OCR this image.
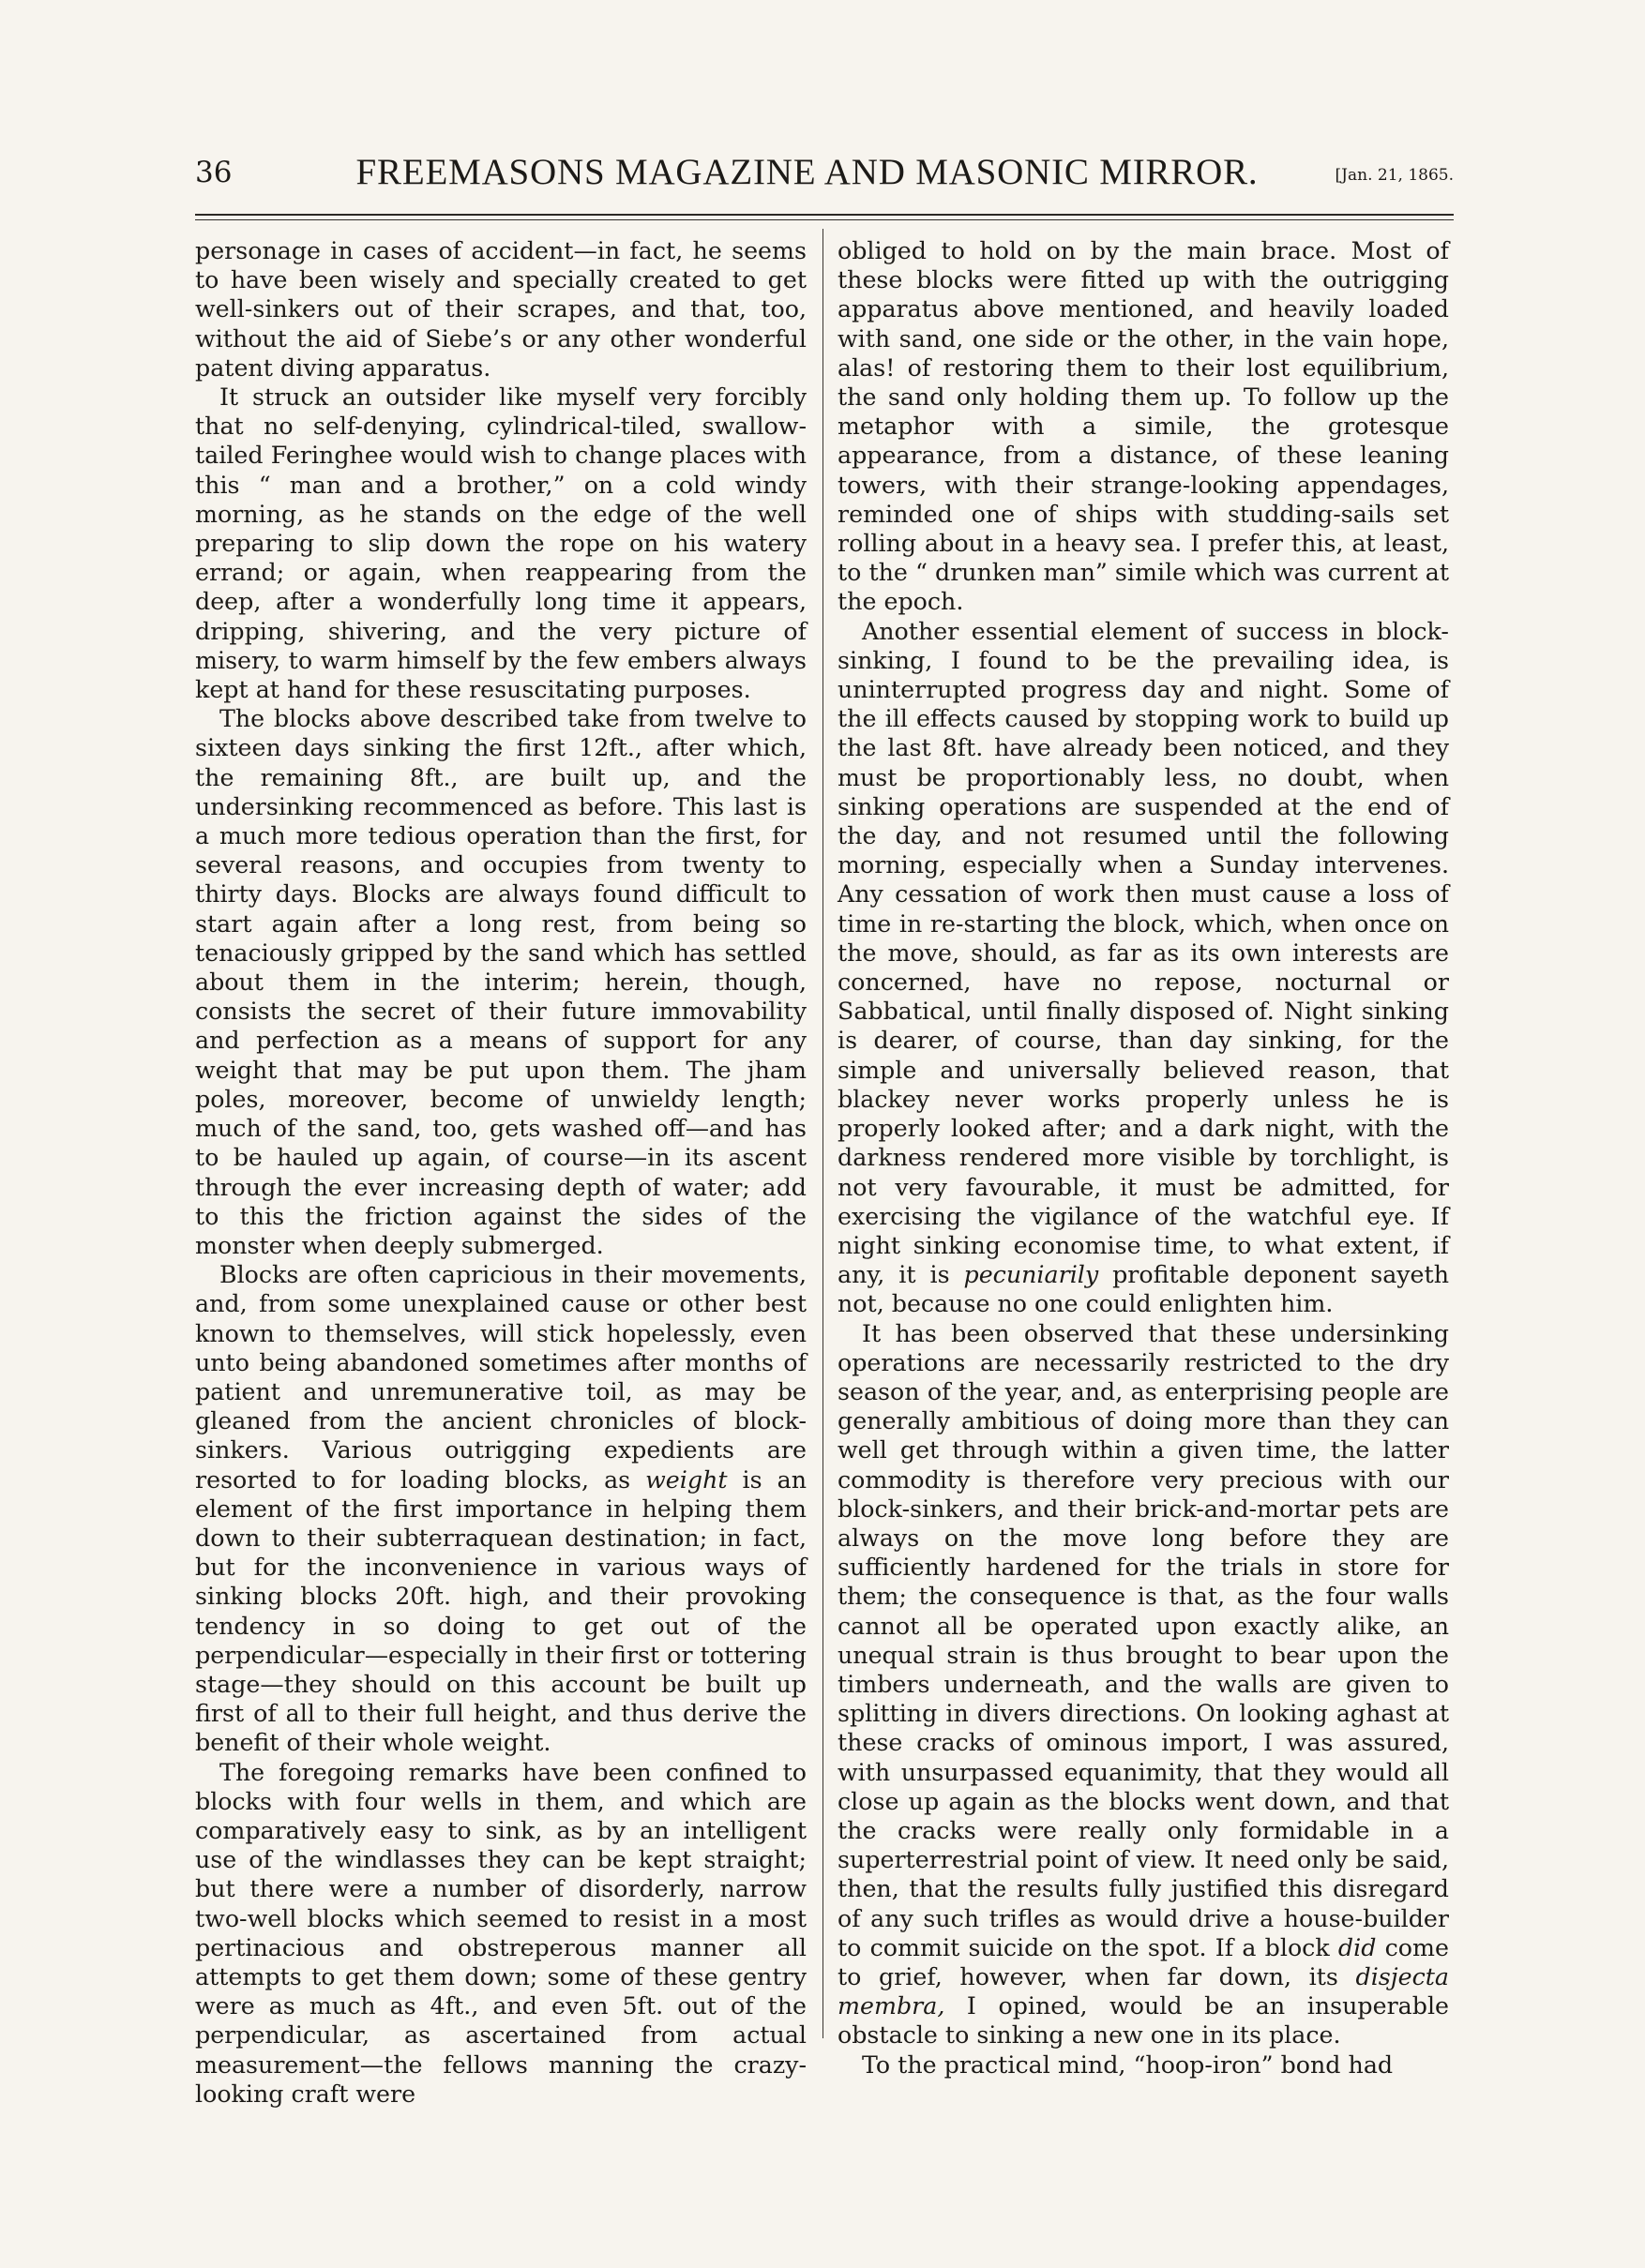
36	FREEMASONS MAGAZINE AND MASONIC MIRROR.	[Jan. 21, 1865.

personage in cases of accident—in fact, he seems to have been wisely and specially created to get well-sinkers out of their scrapes, and that, too, without the aid of Siebe’s or any other wonderful patent diving apparatus.

It struck an outsider like myself very forcibly that no self-denying, cylindrical-tiled, swallow-tailed Feringhee would wish to change places with this “ man and a brother,” on a cold windy morning, as he stands on the edge of the well preparing to slip down the rope on his watery errand; or again, when reappearing from the deep, after a wonderfully long time it appears, dripping, shivering, and the very picture of misery, to warm himself by the few embers always kept at hand for these resuscitating purposes.

The blocks above described take from twelve to sixteen days sinking the first 12ft., after which, the remaining 8ft., are built up, and the undersinking recommenced as before. This last is a much more tedious operation than the first, for several reasons, and occupies from twenty to thirty days. Blocks are always found difficult to start again after a long rest, from being so tenaciously gripped by the sand which has settled about them in the interim; herein, though, consists the secret of their future immovability and perfection as a means of support for any weight that may be put upon them. The jham poles, moreover, become of unwieldy length; much of the sand, too, gets washed off—and has to be hauled up again, of course—in its ascent through the ever increasing depth of water; add to this the friction against the sides of the monster when deeply submerged.

Blocks are often capricious in their movements, and, from some unexplained cause or other best known to themselves, will stick hopelessly, even unto being abandoned sometimes after months of patient and unremunerative toil, as may be gleaned from the ancient chronicles of block-sinkers. Various outrigging expedients are resorted to for loading blocks, as weight is an element of the first importance in helping them down to their subterraquean destination; in fact, but for the inconvenience in various ways of sinking blocks 20ft. high, and their provoking tendency in so doing to get out of the perpendicular—especially in their first or tottering stage—they should on this account be built up first of all to their full height, and thus derive the benefit of their whole weight.

The foregoing remarks have been confined to blocks with four wells in them, and which are comparatively easy to sink, as by an intelligent use of the windlasses they can be kept straight; but there were a number of disorderly, narrow two-well blocks which seemed to resist in a most pertinacious and obstreperous manner all attempts to get them down; some of these gentry were as much as 4ft., and even 5ft. out of the perpendicular, as ascertained from actual measurement—the fellows manning the crazy-looking craft were

obliged to hold on by the main brace. Most of these blocks were fitted up with the outrigging apparatus above mentioned, and heavily loaded with sand, one side or the other, in the vain hope, alas! of restoring them to their lost equilibrium, the sand only holding them up. To follow up the metaphor with a simile, the grotesque appearance, from a distance, of these leaning towers, with their strange-looking appendages, reminded one of ships with studding-sails set rolling about in a heavy sea. I prefer this, at least, to the “ drunken man” simile which was current at the epoch.

Another essential element of success in block-sinking, I found to be the prevailing idea, is uninterrupted progress day and night. Some of the ill effects caused by stopping work to build up the last 8ft. have already been noticed, and they must be proportionably less, no doubt, when sinking operations are suspended at the end of the day, and not resumed until the following morning, especially when a Sunday intervenes. Any cessation of work then must cause a loss of time in re-starting the block, which, when once on the move, should, as far as its own interests are concerned, have no repose, nocturnal or Sabbatical, until finally disposed of. Night sinking is dearer, of course, than day sinking, for the simple and universally believed reason, that blackey never works properly unless he is properly looked after; and a dark night, with the darkness rendered more visible by torchlight, is not very favourable, it must be admitted, for exercising the vigilance of the watchful eye. If night sinking economise time, to what extent, if any, it is pecuniarily profitable deponent sayeth not, because no one could enlighten him.

It has been observed that these undersinking operations are necessarily restricted to the dry season of the year, and, as enterprising people are generally ambitious of doing more than they can well get through within a given time, the latter commodity is therefore very precious with our block-sinkers, and their brick-and-mortar pets are always on the move long before they are sufficiently hardened for the trials in store for them; the consequence is that, as the four walls cannot all be operated upon exactly alike, an unequal strain is thus brought to bear upon the timbers underneath, and the walls are given to splitting in divers directions. On looking aghast at these cracks of ominous import, I was assured, with unsurpassed equanimity, that they would all close up again as the blocks went down, and that the cracks were really only formidable in a superterrestrial point of view. It need only be said, then, that the results fully justified this disregard of any such trifles as would drive a house-builder to commit suicide on the spot. If a block did come to grief, however, when far down, its disjecta membra, I opined, would be an insuperable obstacle to sinking a new one in its place.

To the practical mind, “hoop-iron” bond had
